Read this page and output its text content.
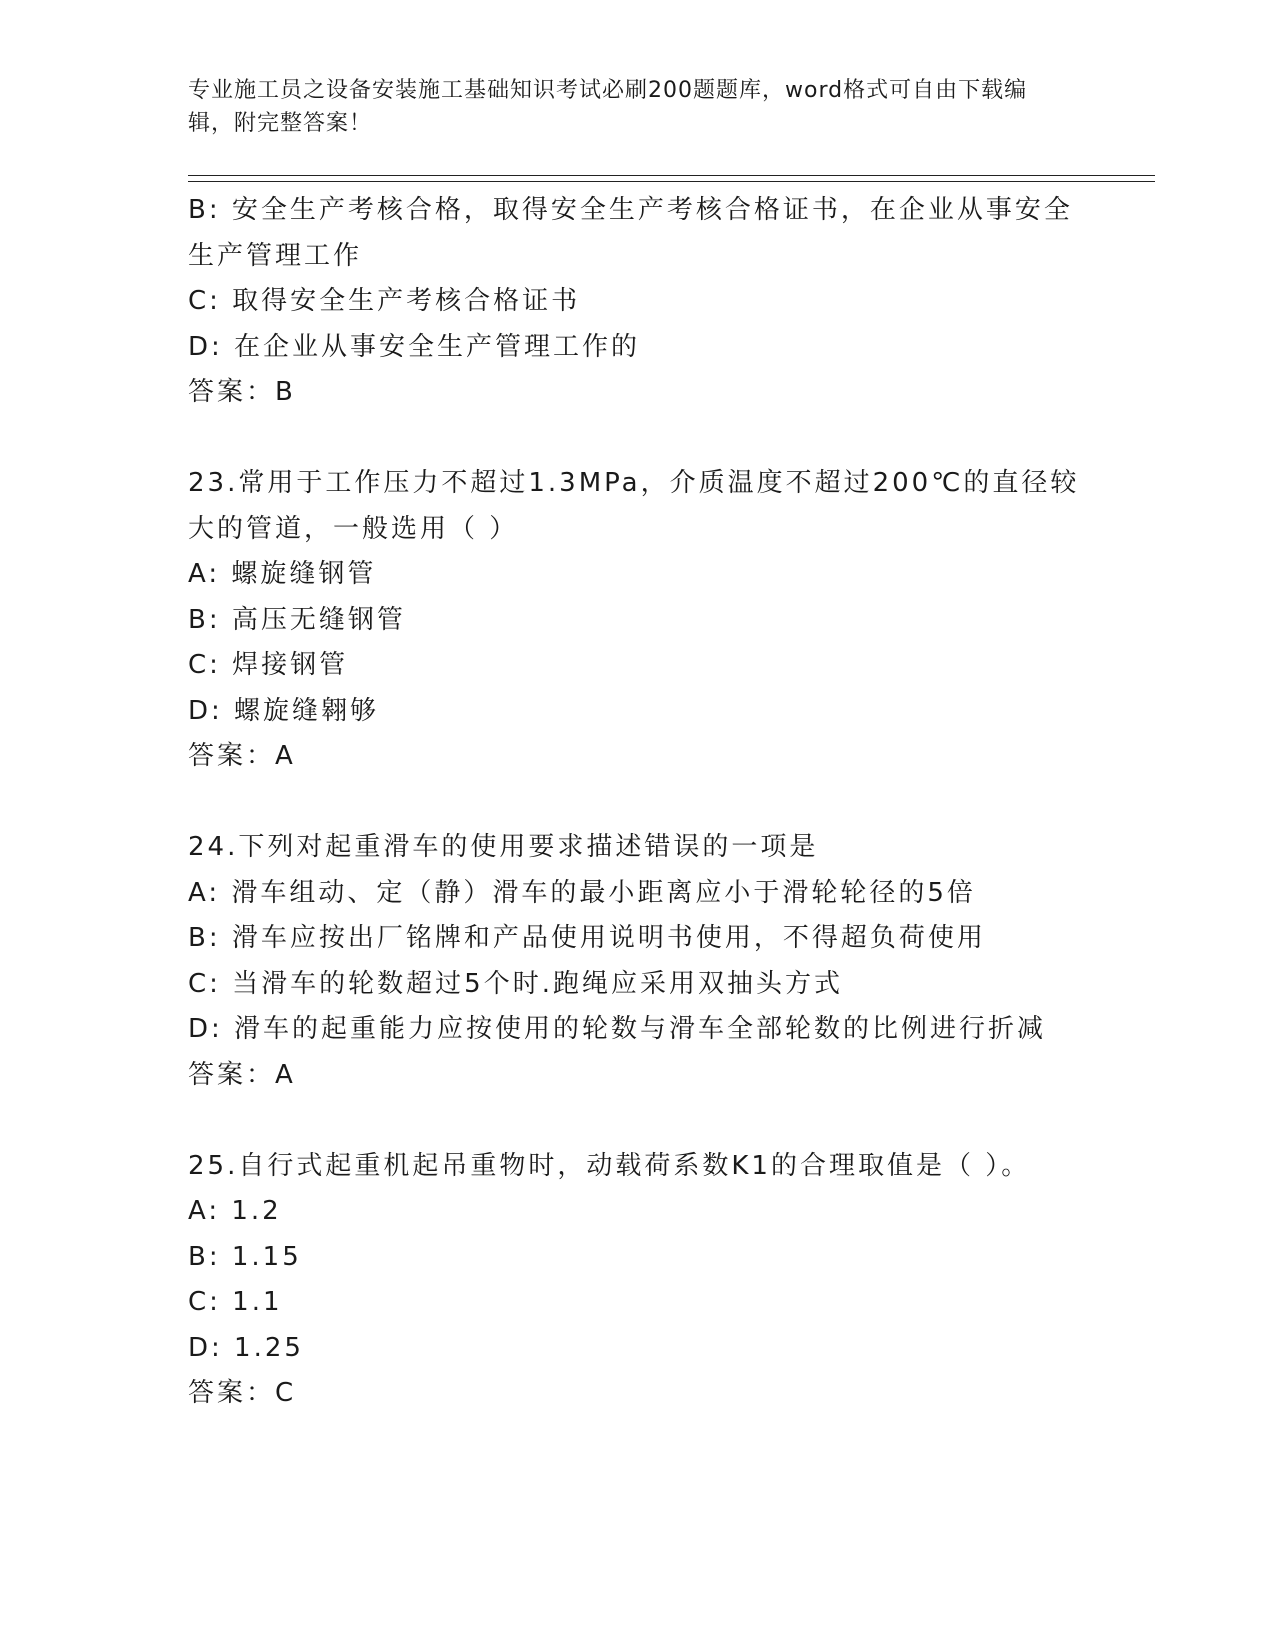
专业施工员之设备安装施工基础知识考试必刷200题题库，word格式可自由下载编辑，附完整答案！
B: 安全生产考核合格，取得安全生产考核合格证书，在企业从事安全生产管理工作
C: 取得安全生产考核合格证书
D: 在企业从事安全生产管理工作的
答案：B
23.常用于工作压力不超过1.3MPa，介质温度不超过200℃的直径较大的管道，一般选用（ ）
A: 螺旋缝钢管
B: 高压无缝钢管
C: 焊接钢管
D: 螺旋缝翱够
答案：A
24.下列对起重滑车的使用要求描述错误的一项是
A: 滑车组动、定（静）滑车的最小距离应小于滑轮轮径的5倍
B: 滑车应按出厂铭牌和产品使用说明书使用，不得超负荷使用
C: 当滑车的轮数超过5个时.跑绳应采用双抽头方式
D: 滑车的起重能力应按使用的轮数与滑车全部轮数的比例进行折减
答案：A
25.自行式起重机起吊重物时，动载荷系数K1的合理取值是（ ）。
A: 1.2
B: 1.15
C: 1.1
D: 1.25
答案：C
